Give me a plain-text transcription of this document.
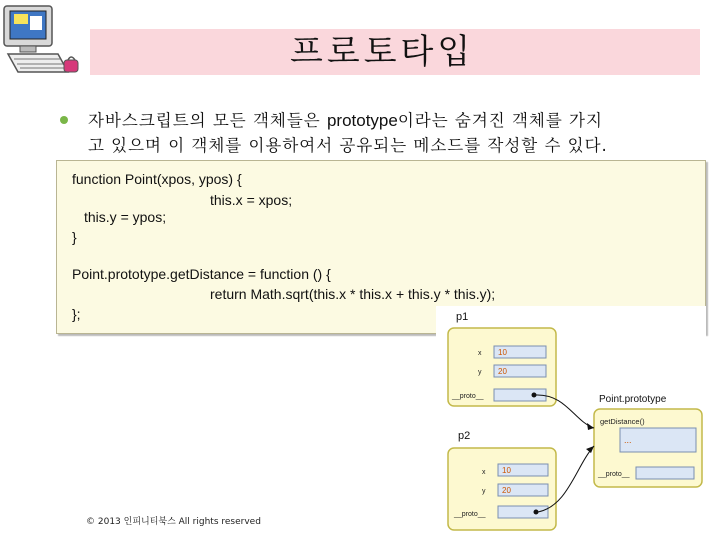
프로토타입
자바스크립트의 모든 객체들은 prototype이라는 숨겨진 객체를 가지
고 있으며 이 객체를 이용하여서 공유되는 메소드를 작성할 수 있다.
function Point(xpos, ypos) {
this.x = xpos;
this.y = ypos;
}
Point.prototype.getDistance = function () {
return Math.sqrt(this.x * this.x + this.y * this.y);
};	p1
x 10
y 20
__proto__
p2
x 10
y 20
__proto__
Point.prototype
getDistance()
...
__proto__
© 2013 인피니티북스 All rights reserved
